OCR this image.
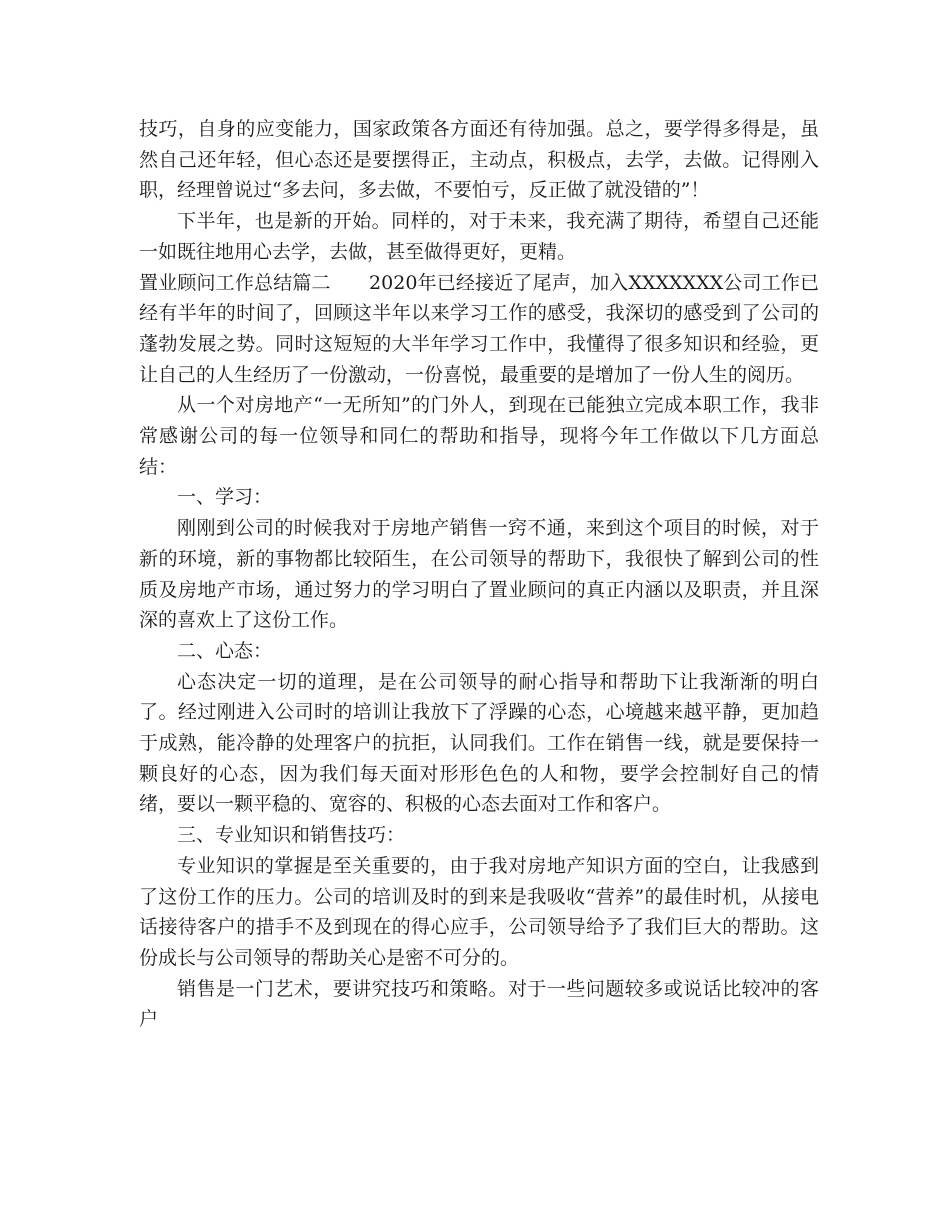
技巧，自身的应变能力，国家政策各方面还有待加强。总之，要学得多得是，虽然自己还年轻，但心态还是要摆得正，主动点，积极点，去学，去做。记得刚入职，经理曾说过“多去问，多去做，不要怕亏，反正做了就没错的”！

下半年，也是新的开始。同样的，对于未来，我充满了期待，希望自己还能一如既往地用心去学，去做，甚至做得更好，更精。

置业顾问工作总结篇二　　2020年已经接近了尾声，加入XXXXXXX公司工作已经有半年的时间了，回顾这半年以来学习工作的感受，我深切的感受到了公司的蓬勃发展之势。同时这短短的大半年学习工作中，我懂得了很多知识和经验，更让自己的人生经历了一份激动，一份喜悦，最重要的是增加了一份人生的阅历。

从一个对房地产“一无所知”的门外人，到现在已能独立完成本职工作，我非常感谢公司的每一位领导和同仁的帮助和指导，现将今年工作做以下几方面总结：

一、学习：

刚刚到公司的时候我对于房地产销售一窍不通，来到这个项目的时候，对于新的环境，新的事物都比较陌生，在公司领导的帮助下，我很快了解到公司的性质及房地产市场，通过努力的学习明白了置业顾问的真正内涵以及职责，并且深深的喜欢上了这份工作。

二、心态：

心态决定一切的道理，是在公司领导的耐心指导和帮助下让我渐渐的明白了。经过刚进入公司时的培训让我放下了浮躁的心态，心境越来越平静，更加趋于成熟，能冷静的处理客户的抗拒，认同我们。工作在销售一线，就是要保持一颗良好的心态，因为我们每天面对形形色色的人和物，要学会控制好自己的情绪，要以一颗平稳的、宽容的、积极的心态去面对工作和客户。

三、专业知识和销售技巧：

专业知识的掌握是至关重要的，由于我对房地产知识方面的空白，让我感到了这份工作的压力。公司的培训及时的到来是我吸收“营养”的最佳时机，从接电话接待客户的措手不及到现在的得心应手，公司领导给予了我们巨大的帮助。这份成长与公司领导的帮助关心是密不可分的。

销售是一门艺术，要讲究技巧和策略。对于一些问题较多或说话比较冲的客户
